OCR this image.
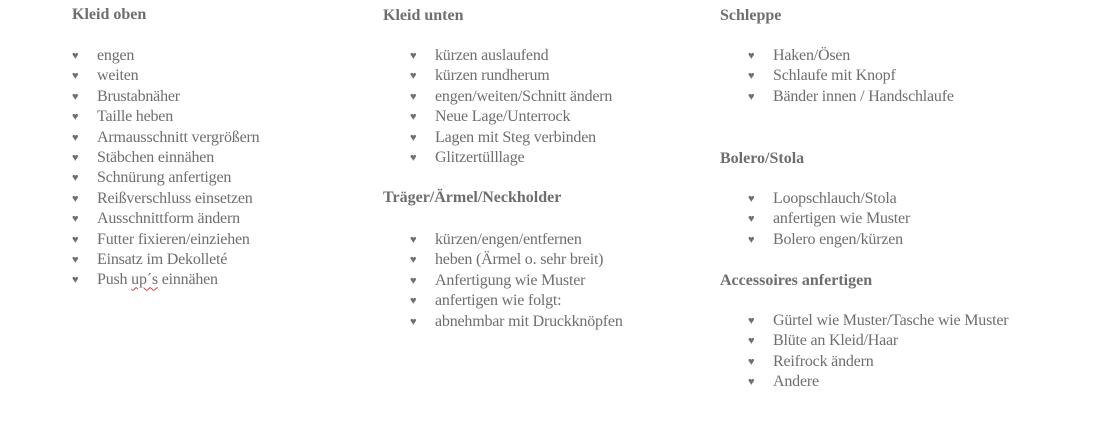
Kleid oben
♥ engen
♥ weiten
♥ Brustabnäher
♥ Taille heben
♥ Armausschnitt vergrößern
♥ Stäbchen einnähen
♥ Schnürung anfertigen
♥ Reißverschluss einsetzen
♥ Ausschnittform ändern
♥ Futter fixieren/einziehen
♥ Einsatz im Dekolleté
♥ Push up´s einnähen
Kleid unten
♥ kürzen auslaufend
♥ kürzen rundherum
♥ engen/weiten/Schnitt ändern
♥ Neue Lage/Unterrock
♥ Lagen mit Steg verbinden
♥ Glitzertülllage
Träger/Ärmel/Neckholder
♥ kürzen/engen/entfernen
♥ heben (Ärmel o. sehr breit)
♥ Anfertigung wie Muster
♥ anfertigen wie folgt:
♥ abnehmbar mit Druckknöpfen
Schleppe
♥ Haken/Ösen
♥ Schlaufe mit Knopf
♥ Bänder innen / Handschlaufe
Bolero/Stola
♥ Loopschlauch/Stola
♥ anfertigen wie Muster
♥ Bolero engen/kürzen
Accessoires anfertigen
♥ Gürtel wie Muster/Tasche wie Muster
♥ Blüte an Kleid/Haar
♥ Reifrock ändern
♥ Andere
